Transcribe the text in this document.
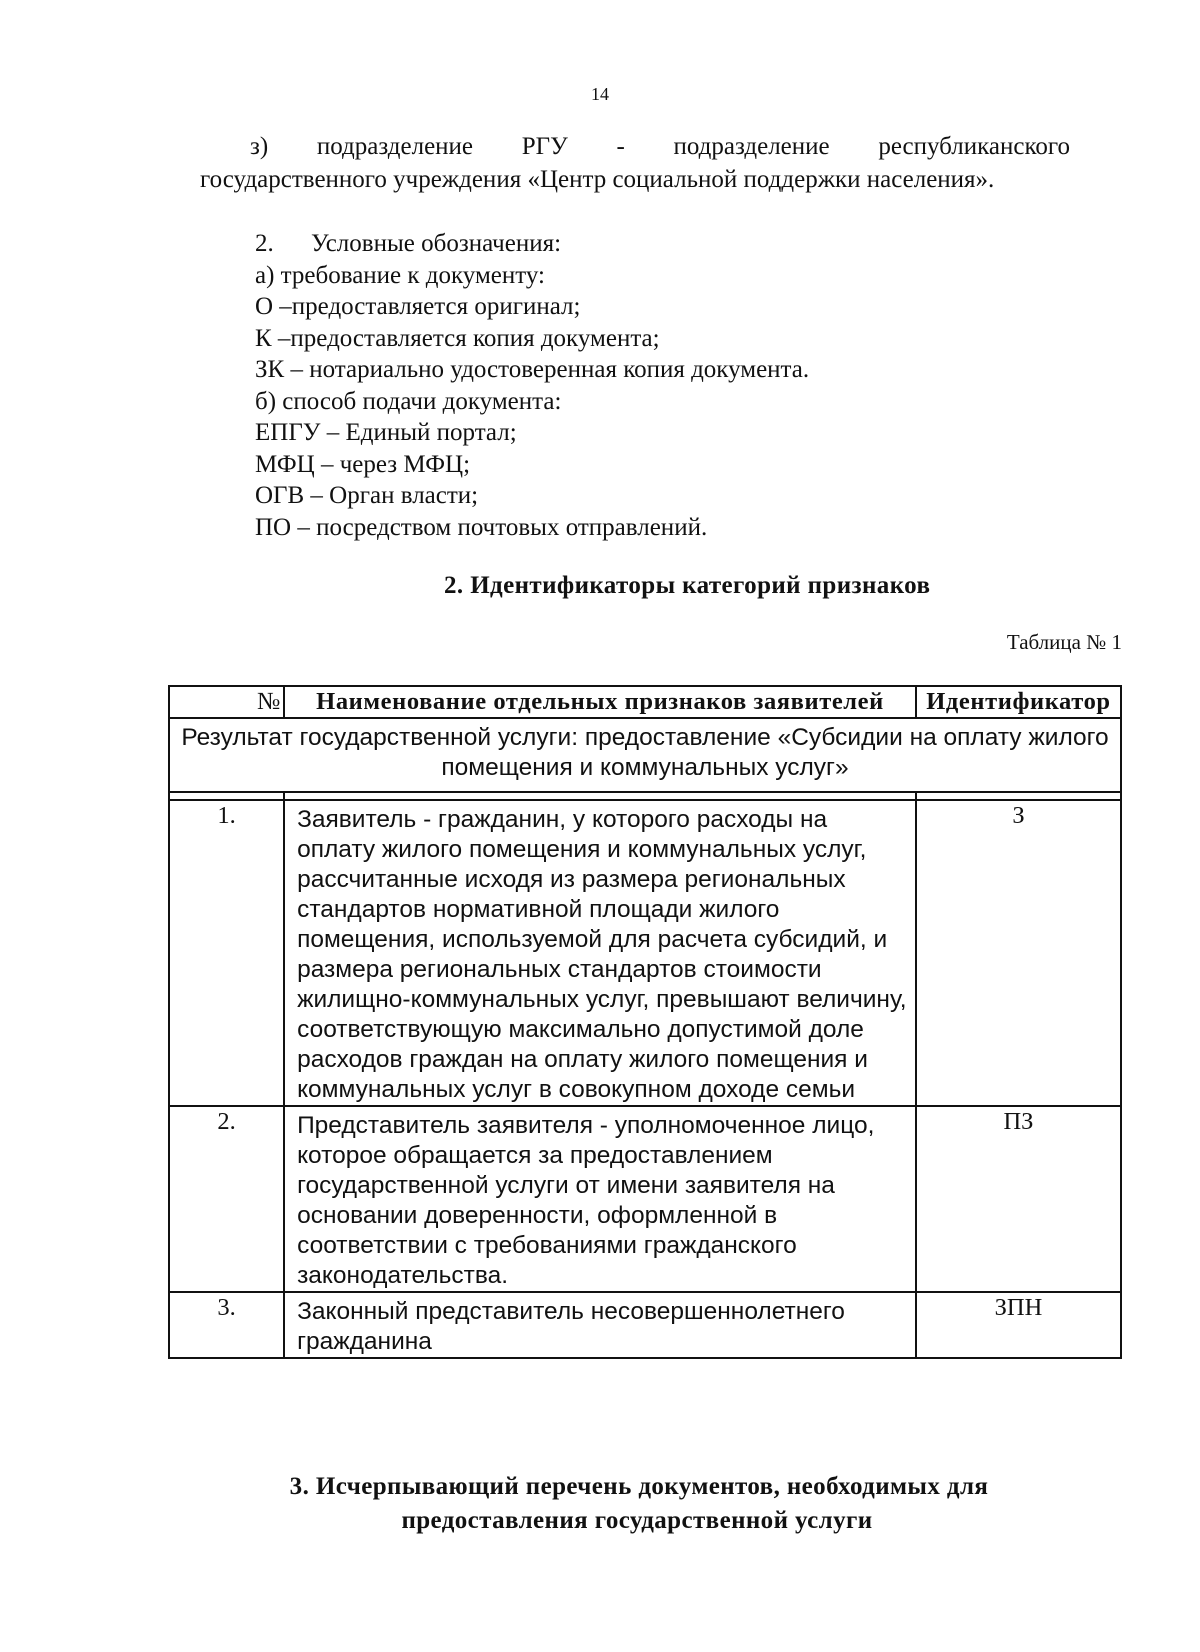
14
з) подразделение РГУ - подразделение республиканского
государственного учреждения «Центр социальной поддержки населения».
2.	Условные обозначения:
а) требование к документу:
О –предоставляется оригинал;
К –предоставляется копия документа;
ЗК – нотариально удостоверенная копия документа.
б) способ подачи документа:
ЕПГУ – Единый портал;
МФЦ – через МФЦ;
ОГВ – Орган власти;
ПО – посредством почтовых отправлений.
2. Идентификаторы категорий признаков
Таблица № 1
№	Наименование отдельных признаков заявителей	Идентификатор
Результат государственной услуги: предоставление «Субсидии на оплату жилого помещения и коммунальных услуг»		

1.	Заявитель - гражданин, у которого расходы на оплату жилого помещения и коммунальных услуг, рассчитанные исходя из размера региональных стандартов нормативной площади жилого помещения, используемой для расчета субсидий, и размера региональных стандартов стоимости жилищно-коммунальных услуг, превышают величину, соответствующую максимально допустимой доле расходов граждан на оплату жилого помещения и коммунальных услуг в совокупном доходе семьи	З
2.	Представитель заявителя - уполномоченное лицо, которое обращается за предоставлением государственной услуги от имени заявителя на основании доверенности, оформленной в соответствии с требованиями гражданского законодательства.	ПЗ
3.	Законный представитель несовершеннолетнего гражданина	ЗПН
3. Исчерпывающий перечень документов, необходимых для
предоставления государственной услуги
